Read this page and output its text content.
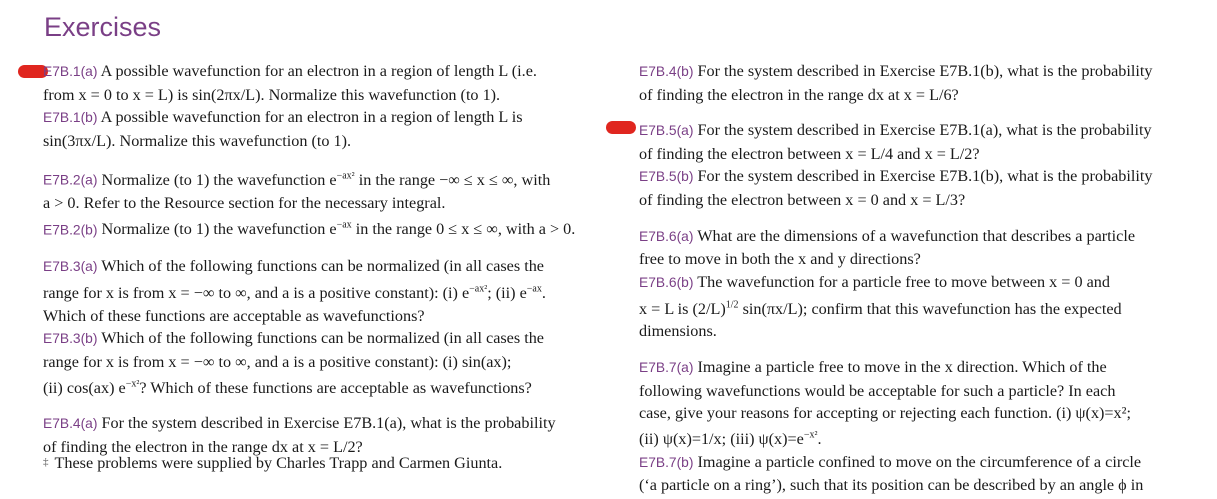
Exercises
E7B.1(a) A possible wavefunction for an electron in a region of length L (i.e.
from x = 0 to x = L) is sin(2πx/L). Normalize this wavefunction (to 1).
E7B.1(b) A possible wavefunction for an electron in a region of length L is
sin(3πx/L). Normalize this wavefunction (to 1).
E7B.2(a) Normalize (to 1) the wavefunction $e^{-ax^2}$ in the range −∞ ≤ x ≤ ∞, with
a > 0. Refer to the Resource section for the necessary integral.
E7B.2(b) Normalize (to 1) the wavefunction $e^{-ax}$ in the range 0 ≤ x ≤ ∞, with a > 0.
E7B.3(a) Which of the following functions can be normalized (in all cases the
range for x is from x = −∞ to ∞, and a is a positive constant): (i) $e^{-ax^2}$; (ii) $e^{-ax}$.
Which of these functions are acceptable as wavefunctions?
E7B.3(b) Which of the following functions can be normalized (in all cases the
range for x is from x = −∞ to ∞, and a is a positive constant): (i) sin(ax);
(ii) cos(ax) $e^{-x^2}$? Which of these functions are acceptable as wavefunctions?
E7B.4(a) For the system described in Exercise E7B.1(a), what is the probability
of finding the electron in the range dx at x = L/2?
E7B.4(b) For the system described in Exercise E7B.1(b), what is the probability
of finding the electron in the range dx at x = L/6?
E7B.5(a) For the system described in Exercise E7B.1(a), what is the probability
of finding the electron between x = L/4 and x = L/2?
E7B.5(b) For the system described in Exercise E7B.1(b), what is the probability
of finding the electron between x = 0 and x = L/3?
E7B.6(a) What are the dimensions of a wavefunction that describes a particle
free to move in both the x and y directions?
E7B.6(b) The wavefunction for a particle free to move between x = 0 and
x = L is $(2/L)^{1/2}$ sin(πx/L); confirm that this wavefunction has the expected
dimensions.
E7B.7(a) Imagine a particle free to move in the x direction. Which of the
following wavefunctions would be acceptable for such a particle? In each
case, give your reasons for accepting or rejecting each function. (i) ψ(x)=x²;
(ii) ψ(x)=1/x; (iii) $\psi(x)=e^{-x^2}$.
E7B.7(b) Imagine a particle confined to move on the circumference of a circle
(‘a particle on a ring’), such that its position can be described by an angle ϕ in
‡ These problems were supplied by Charles Trapp and Carmen Giunta.
